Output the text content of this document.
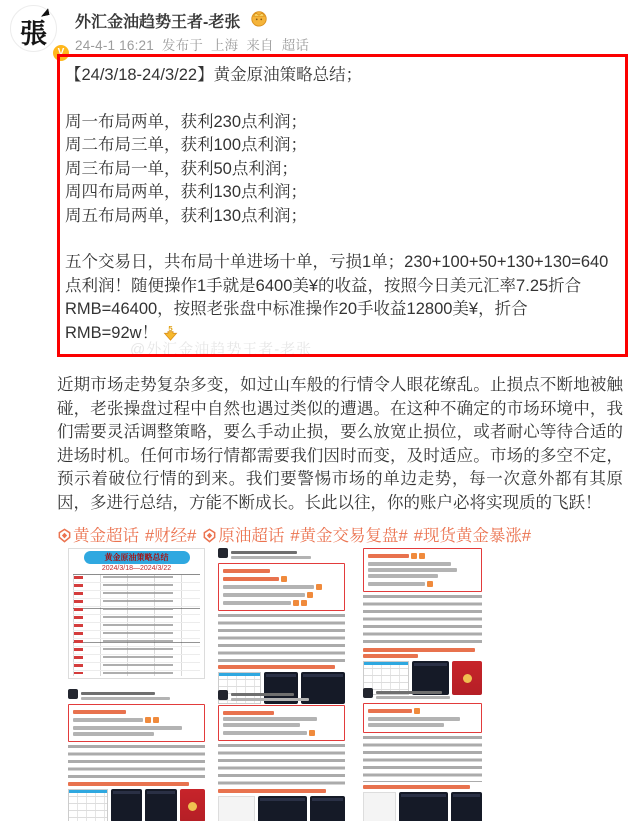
張
V
外汇金油趋势王者-老张
24-4-1 16:21 发布于 上海 来自 超话
【24/3/18-24/3/22】黄金原油策略总结；
周一布局两单，获利230点利润；
周二布局三单，获利100点利润；
周三布局一单，获利50点利润；
周四布局两单，获利130点利润；
周五布局两单，获利130点利润；
五个交易日，共布局十单进场十单，亏损1单；230+100+50+130+130=640点利润！随便操作1手就是6400美¥的收益，按照今日美元汇率7.25折合RMB=46400，按照老张盘中标准操作20手收益12800美¥，折合RMB=92w！ 5
近期市场走势复杂多变，如过山车般的行情令人眼花缭乱。止损点不断地被触碰，老张操盘过程中自然也遇过类似的遭遇。在这种不确定的市场环境中，我们需要灵活调整策略，要么手动止损，要么放宽止损位，或者耐心等待合适的进场时机。任何市场行情都需要我们因时而变，及时适应。市场的多空不定，预示着破位行情的到来。我们要警惕市场的单边走势，每一次意外都有其原因，多进行总结，方能不断成长。长此以往，你的账户必将实现质的飞跃！
黄金超话 #财经# 原油超话 #黄金交易复盘# #现货黄金暴涨#
@外汇金油趋势王者-老张
黄金原油策略总结
2024/3/18—2024/3/22
